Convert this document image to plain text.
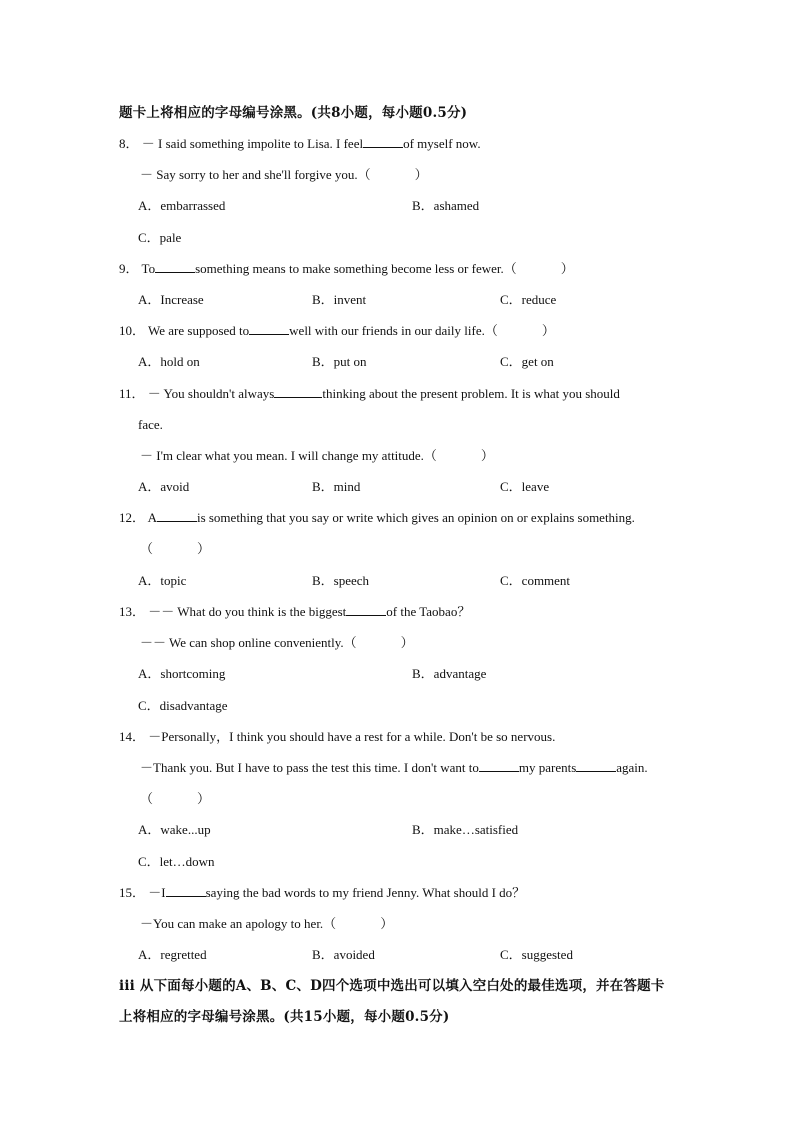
题卡上将相应的字母编号涂黑。(共8小题，每小题0.5分)
8． － I said something impolite to Lisa. I feel	of myself now.
－ Say sorry to her and she'll forgive you.（	）
A．embarrassed	B．ashamed
C．pale
9． To	something means to make something become less or fewer.（	）
A．Increase	B．invent	C．reduce
10． We are supposed to	well with our friends in our daily life.（	）
A．hold on	B．put on	C．get on
11． － You shouldn't always	thinking about the present problem. It is what you should
face.
－ I'm clear what you mean. I will change my attitude.（	）
A．avoid	B．mind	C．leave
12． A	is something that you say or write which gives an opinion on or explains something.
（	）
A．topic	B．speech	C．comment
13． －－ What do you think is the biggest	of the Taobao？
－－ We can shop online conveniently.（	）
A．shortcoming	B．advantage
C．disadvantage
14． －Personally，I think you should have a rest for a while. Don't be so nervous.
－Thank you. But I have to pass the test this time. I don't want to	my parents	again.
（	）
A．wake...up	B．make…satisfied
C．let…down
15． －I	saying the bad words to my friend Jenny. What should I do？
－You can make an apology to her.（	）
A．regretted	B．avoided	C．suggested
iii 从下面每小题的A、B、C、D四个选项中选出可以填入空白处的最佳选项，并在答题卡
上将相应的字母编号涂黑。(共15小题，每小题0.5分)
